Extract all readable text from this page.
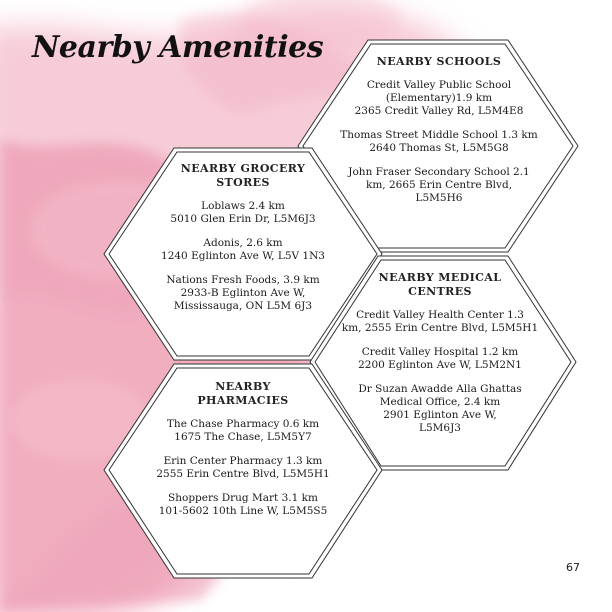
Nearby Amenities	NEARBY SCHOOLS
Credit Valley Public School
(Elementary)1.9 km
2365 Credit Valley Rd, L5M4E8
Thomas Street Middle School 1.3 km
2640 Thomas St, L5M5G8
John Fraser Secondary School 2.1
km, 2665 Erin Centre Blvd,
L5M5H6
NEARBY GROCERY
STORES
Loblaws 2.4 km
5010 Glen Erin Dr, L5M6J3
Adonis, 2.6 km
1240 Eglinton Ave W, L5V 1N3
Nations Fresh Foods, 3.9 km
2933-B Eglinton Ave W,
Mississauga, ON L5M 6J3
NEARBY MEDICAL
CENTRES
Credit Valley Health Center 1.3
km, 2555 Erin Centre Blvd, L5M5H1
Credit Valley Hospital 1.2 km
2200 Eglinton Ave W, L5M2N1
Dr Suzan Awadde Alla Ghattas
Medical Office, 2.4 km
2901 Eglinton Ave W,
L5M6J3
NEARBY
PHARMACIES
The Chase Pharmacy 0.6 km
1675 The Chase, L5M5Y7
Erin Center Pharmacy 1.3 km
2555 Erin Centre Blvd, L5M5H1
Shoppers Drug Mart 3.1 km
101-5602 10th Line W, L5M5S5
67
